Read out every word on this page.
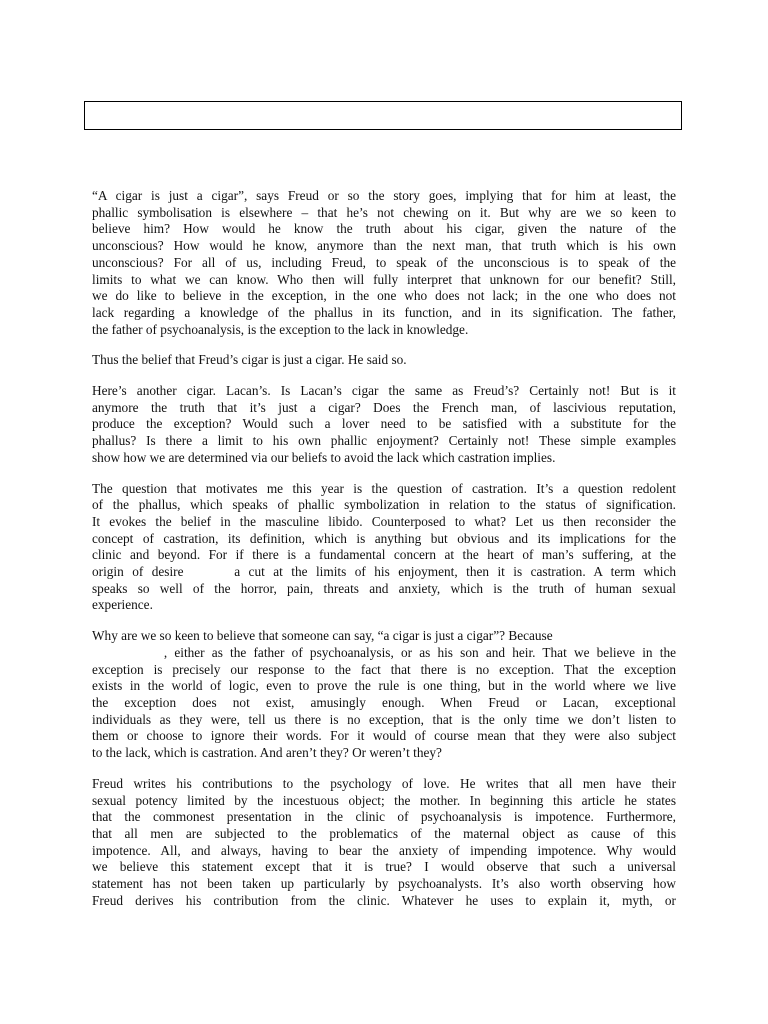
“A cigar is just a cigar”, says Freud or so the story goes, implying that for him at least, the
phallic symbolisation is elsewhere – that he’s not chewing on it. But why are we so keen to
believe him? How would he know the truth about his cigar, given the nature of the
unconscious? How would he know, anymore than the next man, that truth which is his own
unconscious? For all of us, including Freud, to speak of the unconscious is to speak of the
limits to what we can know. Who then will fully interpret that unknown for our benefit? Still,
we do like to believe in the exception, in the one who does not lack; in the one who does not
lack regarding a knowledge of the phallus in its function, and in its signification. The father,
the father of psychoanalysis, is the exception to the lack in knowledge.

Thus the belief that Freud’s cigar is just a cigar. He said so.

Here’s another cigar. Lacan’s. Is Lacan’s cigar the same as Freud’s? Certainly not! But is it
anymore the truth that it’s just a cigar? Does the French man, of lascivious reputation,
produce the exception? Would such a lover need to be satisfied with a substitute for the
phallus? Is there a limit to his own phallic enjoyment? Certainly not! These simple examples
show how we are determined via our beliefs to avoid the lack which castration implies.

The question that motivates me this year is the question of castration. It’s a question redolent
of the phallus, which speaks of phallic symbolization in relation to the status of signification.
It evokes the belief in the masculine libido. Counterposed to what? Let us then reconsider the
concept of castration, its definition, which is anything but obvious and its implications for the
clinic and beyond. For if there is a fundamental concern at the heart of man’s suffering, at the
origin of desire      a cut at the limits of his enjoyment, then it is castration. A term which
speaks so well of the horror, pain, threats and anxiety, which is the truth of human sexual
experience.

Why are we so keen to believe that someone can say, “a cigar is just a cigar”? Because
, either as the father of psychoanalysis, or as his son and heir. That we believe in the
exception is precisely our response to the fact that there is no exception. That the exception
exists in the world of logic, even to prove the rule is one thing, but in the world where we live
the exception does not exist, amusingly enough. When Freud or Lacan, exceptional
individuals as they were, tell us there is no exception, that is the only time we don’t listen to
them or choose to ignore their words. For it would of course mean that they were also subject
to the lack, which is castration. And aren’t they? Or weren’t they?

Freud writes his contributions to the psychology of love. He writes that all men have their
sexual potency limited by the incestuous object; the mother. In beginning this article he states
that the commonest presentation in the clinic of psychoanalysis is impotence. Furthermore,
that all men are subjected to the problematics of the maternal object as cause of this
impotence. All, and always, having to bear the anxiety of impending impotence. Why would
we believe this statement except that it is true? I would observe that such a universal
statement has not been taken up particularly by psychoanalysts. It’s also worth observing how
Freud derives his contribution from the clinic. Whatever he uses to explain it, myth, or
